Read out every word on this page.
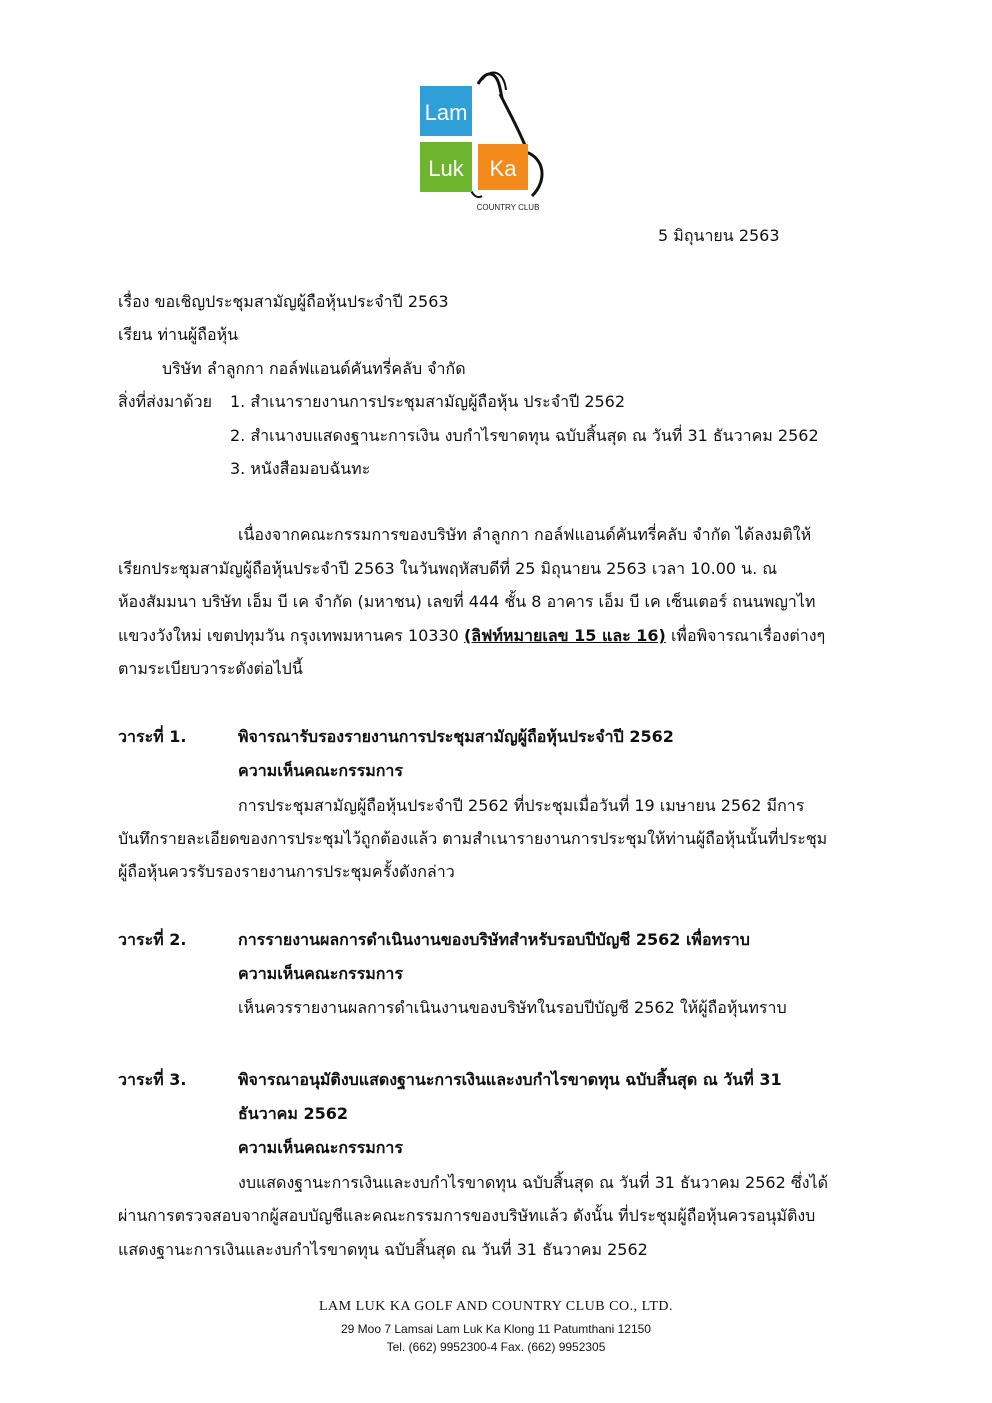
Lam
Luk Ka
COUNTRY CLUB
5 มิถุนายน 2563
เรื่อง ขอเชิญประชุมสามัญผู้ถือหุ้นประจำปี 2563
เรียน ท่านผู้ถือหุ้น
บริษัท ลำลูกกา กอล์ฟแอนด์คันทรี่คลับ จำกัด
สิ่งที่ส่งมาด้วย 1. สำเนารายงานการประชุมสามัญผู้ถือหุ้น ประจำปี 2562
2. สำเนางบแสดงฐานะการเงิน งบกำไรขาดทุน ฉบับสิ้นสุด ณ วันที่ 31 ธันวาคม 2562
3. หนังสือมอบฉันทะ
เนื่องจากคณะกรรมการของบริษัท ลำลูกกา กอล์ฟแอนด์คันทรี่คลับ จำกัด ได้ลงมติให้
เรียกประชุมสามัญผู้ถือหุ้นประจำปี 2563 ในวันพฤหัสบดีที่ 25 มิถุนายน 2563 เวลา 10.00 น. ณ
ห้องสัมมนา บริษัท เอ็ม บี เค จำกัด (มหาชน) เลขที่ 444 ชั้น 8 อาคาร เอ็ม บี เค เซ็นเตอร์ ถนนพญาไท
แขวงวังใหม่ เขตปทุมวัน กรุงเทพมหานคร 10330 (ลิฟท์หมายเลข 15 และ 16) เพื่อพิจารณาเรื่องต่างๆ
ตามระเบียบวาระดังต่อไปนี้
วาระที่ 1.	พิจารณารับรองรายงานการประชุมสามัญผู้ถือหุ้นประจำปี 2562
ความเห็นคณะกรรมการ
การประชุมสามัญผู้ถือหุ้นประจำปี 2562 ที่ประชุมเมื่อวันที่ 19 เมษายน 2562 มีการ
บันทึกรายละเอียดของการประชุมไว้ถูกต้องแล้ว ตามสำเนารายงานการประชุมให้ท่านผู้ถือหุ้นนั้นที่ประชุม
ผู้ถือหุ้นควรรับรองรายงานการประชุมครั้งดังกล่าว
วาระที่ 2.	การรายงานผลการดำเนินงานของบริษัทสำหรับรอบปีบัญชี 2562 เพื่อทราบ
ความเห็นคณะกรรมการ
เห็นควรรายงานผลการดำเนินงานของบริษัทในรอบปีบัญชี 2562 ให้ผู้ถือหุ้นทราบ
วาระที่ 3.	พิจารณาอนุมัติงบแสดงฐานะการเงินและงบกำไรขาดทุน ฉบับสิ้นสุด ณ วันที่ 31
ธันวาคม 2562
ความเห็นคณะกรรมการ
งบแสดงฐานะการเงินและงบกำไรขาดทุน ฉบับสิ้นสุด ณ วันที่ 31 ธันวาคม 2562 ซึ่งได้
ผ่านการตรวจสอบจากผู้สอบบัญชีและคณะกรรมการของบริษัทแล้ว ดังนั้น ที่ประชุมผู้ถือหุ้นควรอนุมัติงบ
แสดงฐานะการเงินและงบกำไรขาดทุน ฉบับสิ้นสุด ณ วันที่ 31 ธันวาคม 2562
LAM LUK KA GOLF AND COUNTRY CLUB CO., LTD.
29 Moo 7 Lamsai Lam Luk Ka Klong 11 Patumthani 12150
Tel. (662) 9952300-4 Fax. (662) 9952305
